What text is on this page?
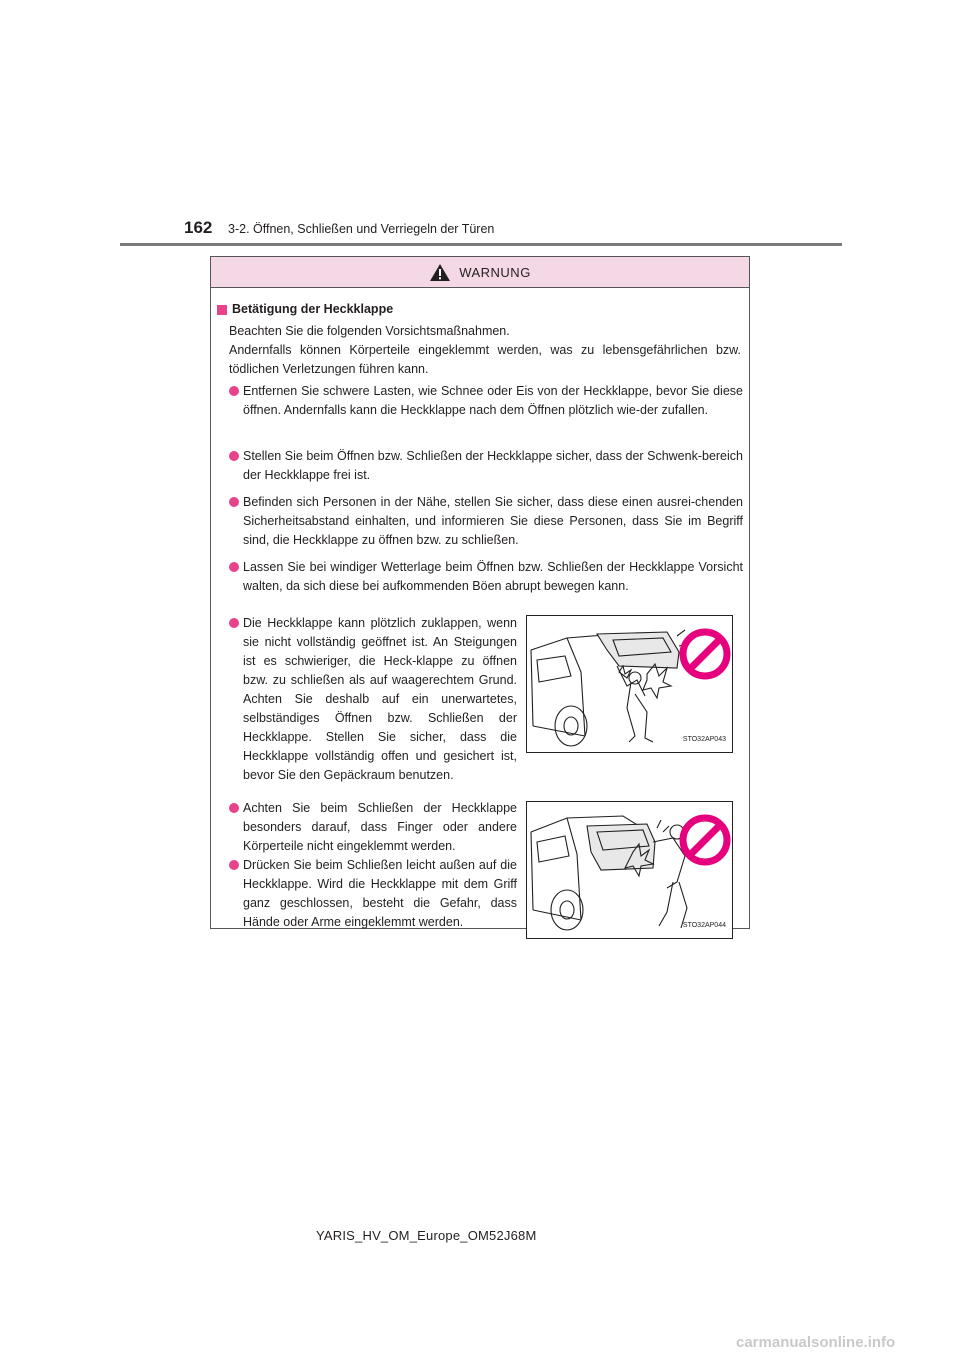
162 3-2. Öffnen, Schließen und Verriegeln der Türen
WARNUNG
Betätigung der Heckklappe

Beachten Sie die folgenden Vorsichtsmaßnahmen.

Andernfalls können Körperteile eingeklemmt werden, was zu lebensgefährlichen bzw. tödlichen Verletzungen führen kann.

Entfernen Sie schwere Lasten, wie Schnee oder Eis von der Heckklappe, bevor Sie diese öffnen. Andernfalls kann die Heckklappe nach dem Öffnen plötzlich wie-der zufallen.
Stellen Sie beim Öffnen bzw. Schließen der Heckklappe sicher, dass der Schwenk-bereich der Heckklappe frei ist.
Befinden sich Personen in der Nähe, stellen Sie sicher, dass diese einen ausrei-chenden Sicherheitsabstand einhalten, und informieren Sie diese Personen, dass Sie im Begriff sind, die Heckklappe zu öffnen bzw. zu schließen.
Lassen Sie bei windiger Wetterlage beim Öffnen bzw. Schließen der Heckklappe Vorsicht walten, da sich diese bei aufkommenden Böen abrupt bewegen kann.
Die Heckklappe kann plötzlich zuklappen, wenn sie nicht vollständig geöffnet ist. An Steigungen ist es schwieriger, die Heck-klappe zu öffnen bzw. zu schließen als auf waagerechtem Grund. Achten Sie deshalb auf ein unerwartetes, selbständiges Öffnen bzw. Schließen der Heckklappe. Stellen Sie sicher, dass die Heckklappe vollständig offen und gesichert ist, bevor Sie den Gepäckraum benutzen.
Achten Sie beim Schließen der Heckklappe besonders darauf, dass Finger oder andere Körperteile nicht eingeklemmt werden.
Drücken Sie beim Schließen leicht außen auf die Heckklappe. Wird die Heckklappe mit dem Griff ganz geschlossen, besteht die Gefahr, dass Hände oder Arme eingeklemmt werden.
STO32AP043
STO32AP044
YARIS_HV_OM_Europe_OM52J68M
carmanualsonline.info
